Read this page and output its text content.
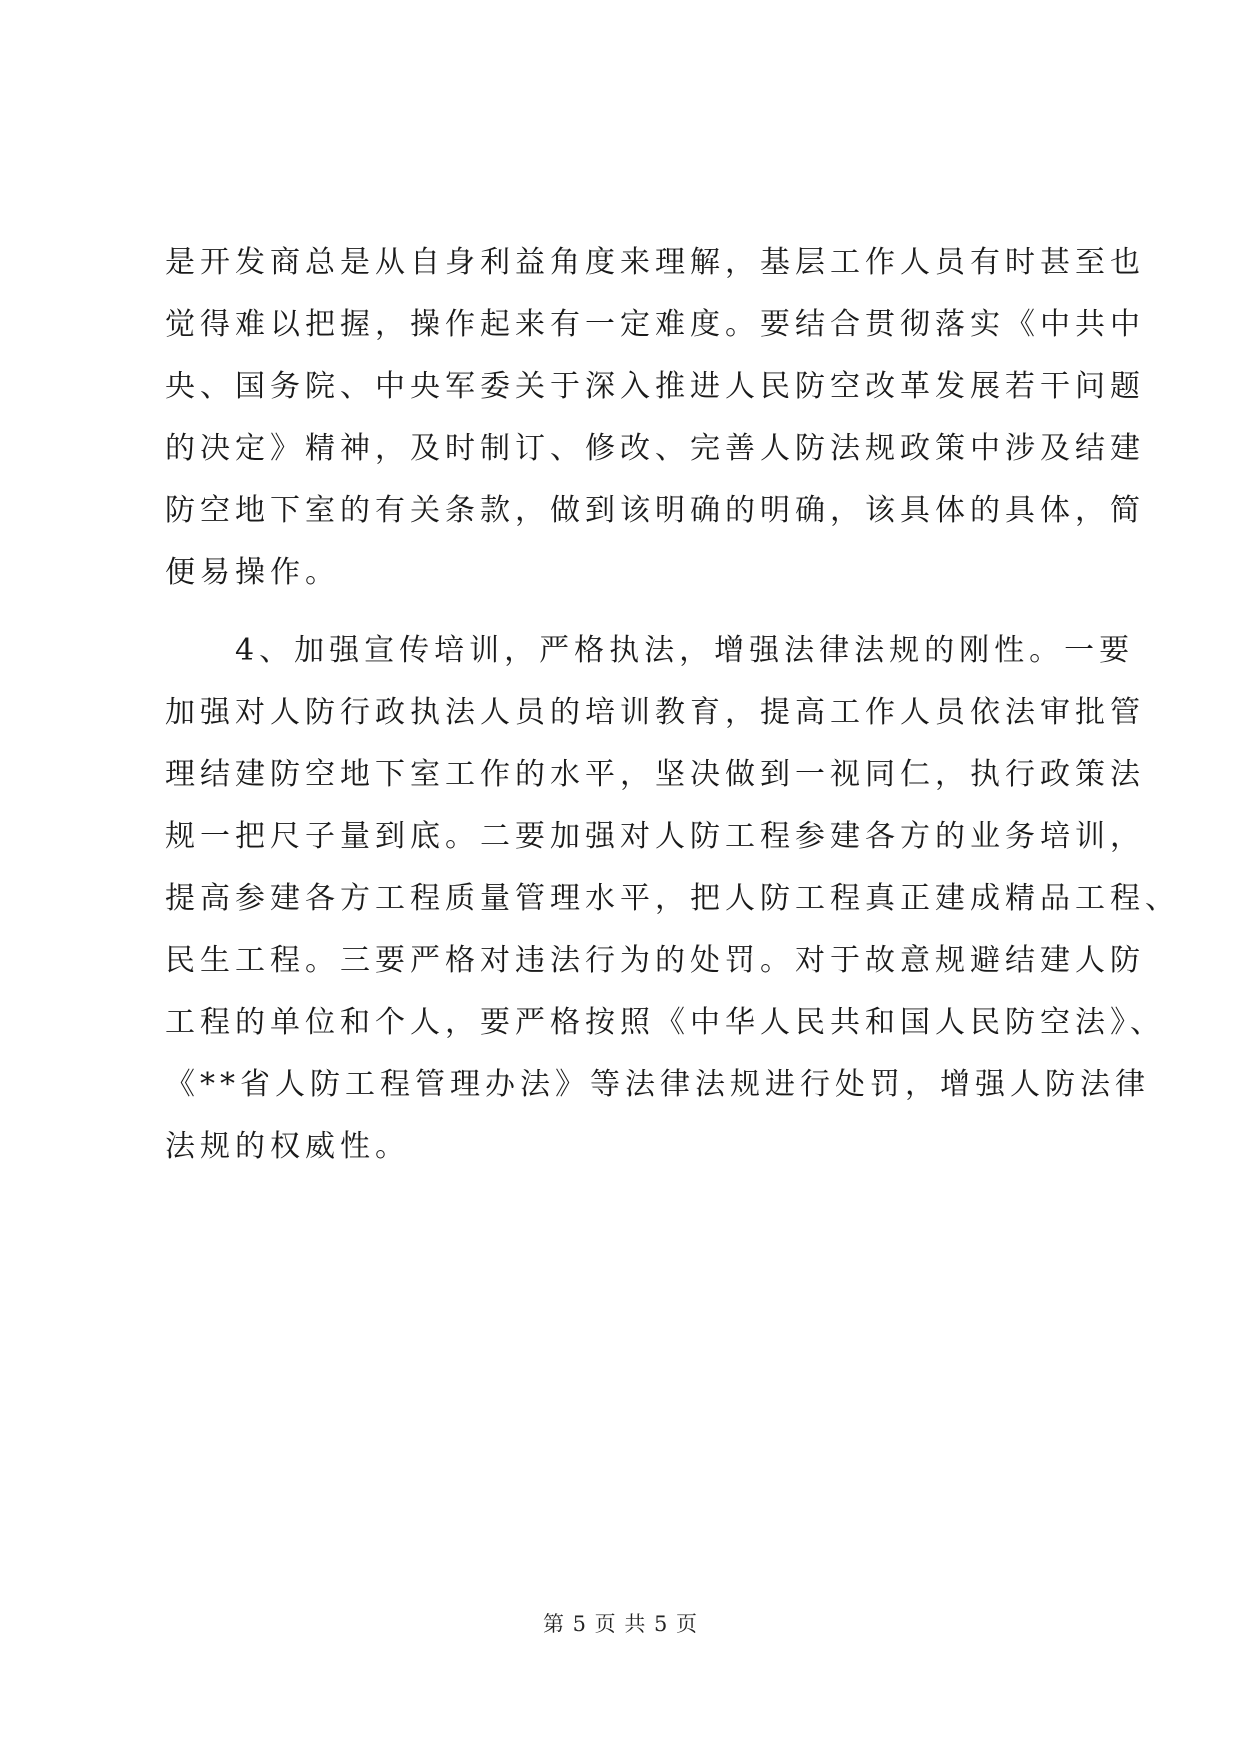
是开发商总是从自身利益角度来理解，基层工作人员有时甚至也
觉得难以把握，操作起来有一定难度。要结合贯彻落实《中共中
央、国务院、中央军委关于深入推进人民防空改革发展若干问题
的决定》精神，及时制订、修改、完善人防法规政策中涉及结建
防空地下室的有关条款，做到该明确的明确，该具体的具体，简
便易操作。
　　4、加强宣传培训，严格执法，增强法律法规的刚性。一要
加强对人防行政执法人员的培训教育，提高工作人员依法审批管
理结建防空地下室工作的水平，坚决做到一视同仁，执行政策法
规一把尺子量到底。二要加强对人防工程参建各方的业务培训，
提高参建各方工程质量管理水平，把人防工程真正建成精品工程、
民生工程。三要严格对违法行为的处罚。对于故意规避结建人防
工程的单位和个人，要严格按照《中华人民共和国人民防空法》、
《**省人防工程管理办法》等法律法规进行处罚，增强人防法律
法规的权威性。
第 5 页 共 5 页
